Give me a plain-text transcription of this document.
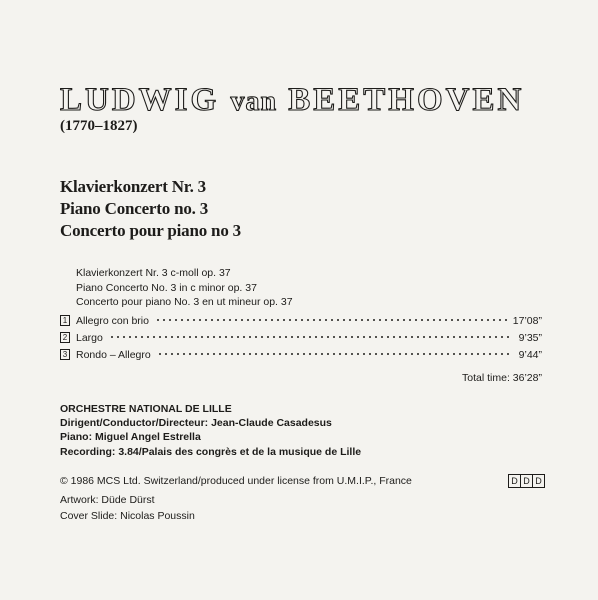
LUDWIG van BEETHOVEN
(1770–1827)
Klavierkonzert Nr. 3
Piano Concerto no. 3
Concerto pour piano no 3
Klavierkonzert Nr. 3 c-moll op. 37
Piano Concerto No. 3 in c minor op. 37
Concerto pour piano No. 3 en ut mineur op. 37
1 Allegro con brio	17’08”
2 Largo	9’35”
3 Rondo – Allegro	9’44”
Total time: 36’28”
ORCHESTRE NATIONAL DE LILLE
Dirigent/Conductor/Directeur: Jean-Claude Casadesus
Piano: Miguel Angel Estrella
Recording: 3.84/Palais des congrès et de la musique de Lille
© 1986 MCS Ltd. Switzerland/produced under license from U.M.I.P., France	D D D
Artwork: Düde Dürst
Cover Slide: Nicolas Poussin
